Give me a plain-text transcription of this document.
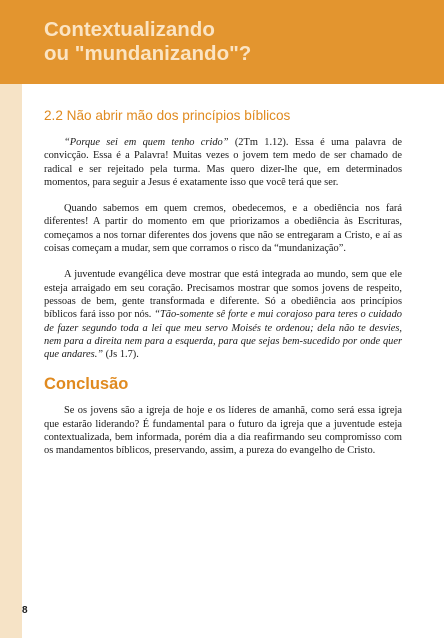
Contextualizando
ou "mundanizando"?
2.2 Não abrir mão dos princípios bíblicos

“Porque sei em quem tenho crido” (2Tm 1.12). Essa é uma palavra de convicção. Essa é a Palavra! Muitas vezes o jovem tem medo de ser chamado de radical e ser rejeitado pela turma. Mas quero dizer-lhe que, em determinados momentos, para seguir a Jesus é exatamente isso que você terá que ser.

Quando sabemos em quem cremos, obedecemos, e a obediência nos fará diferentes! A partir do momento em que priorizamos a obediência às Escrituras, começamos a nos tornar diferentes dos jovens que não se entregaram a Cristo, e aí as coisas começam a mudar, sem que corramos o risco da “mundanização”.

A juventude evangélica deve mostrar que está integrada ao mundo, sem que ele esteja arraigado em seu coração. Precisamos mostrar que somos jovens de respeito, pessoas de bem, gente transformada e diferente. Só a obediência aos princípios bíblicos fará isso por nós. “Tão-somente sê forte e mui corajoso para teres o cuidado de fazer segundo toda a lei que meu servo Moisés te ordenou; dela não te desvies, nem para a direita nem para a esquerda, para que sejas bem-sucedido por onde quer que andares.” (Js 1.7).

Conclusão

Se os jovens são a igreja de hoje e os líderes de amanhã, como será essa igreja que estarão liderando? É fundamental para o futuro da igreja que a juventude esteja contextualizada, bem informada, porém dia a dia reafirmando seu compromisso com os mandamentos bíblicos, preservando, assim, a pureza do evangelho de Cristo.

8
